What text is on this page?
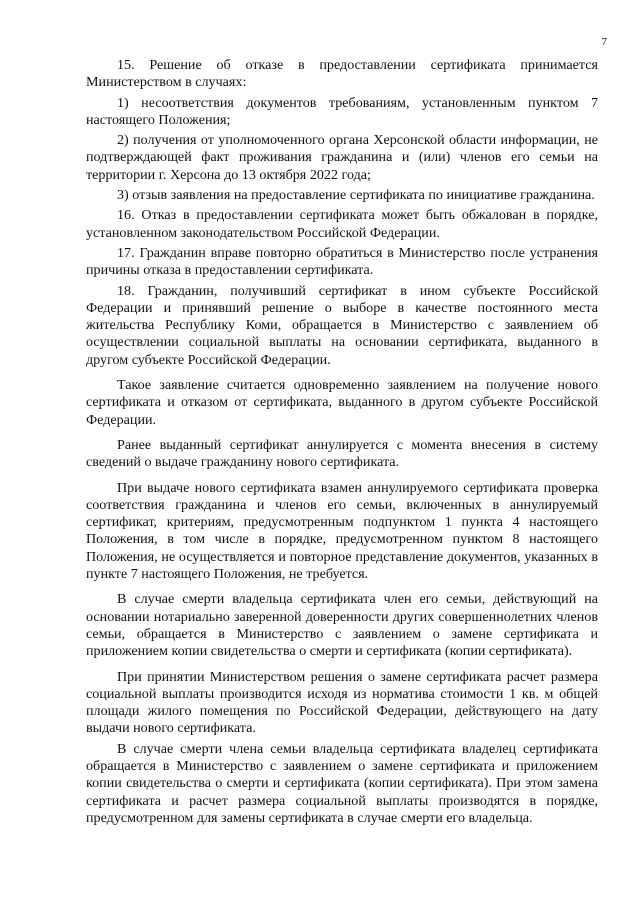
7

15. Решение об отказе в предоставлении сертификата принимается Министерством в случаях:

1) несоответствия документов требованиям, установленным пунктом 7 настоящего Положения;

2) получения от уполномоченного органа Херсонской области информации, не подтверждающей факт проживания гражданина и (или) членов его семьи на территории г. Херсона до 13 октября 2022 года;

3) отзыв заявления на предоставление сертификата по инициативе гражданина.

16. Отказ в предоставлении сертификата может быть обжалован в порядке, установленном законодательством Российской Федерации.

17. Гражданин вправе повторно обратиться в Министерство после устранения причины отказа в предоставлении сертификата.

18. Гражданин, получивший сертификат в ином субъекте Российской Федерации и принявший решение о выборе в качестве постоянного места жительства Республику Коми, обращается в Министерство с заявлением об осуществлении социальной выплаты на основании сертификата, выданного в другом субъекте Российской Федерации.

Такое заявление считается одновременно заявлением на получение нового сертификата и отказом от сертификата, выданного в другом субъекте Российской Федерации.

Ранее выданный сертификат аннулируется с момента внесения в систему сведений о выдаче гражданину нового сертификата.

При выдаче нового сертификата взамен аннулируемого сертификата проверка соответствия гражданина и членов его семьи, включенных в аннулируемый сертификат, критериям, предусмотренным подпунктом 1 пункта 4 настоящего Положения, в том числе в порядке, предусмотренном пунктом 8 настоящего Положения, не осуществляется и повторное представление документов, указанных в пункте 7 настоящего Положения, не требуется.

В случае смерти владельца сертификата член его семьи, действующий на основании нотариально заверенной доверенности других совершеннолетних членов семьи, обращается в Министерство с заявлением о замене сертификата и приложением копии свидетельства о смерти и сертификата (копии сертификата).

При принятии Министерством решения о замене сертификата расчет размера социальной выплаты производится исходя из норматива стоимости 1 кв. м общей площади жилого помещения по Российской Федерации, действующего на дату выдачи нового сертификата.

В случае смерти члена семьи владельца сертификата владелец сертификата обращается в Министерство с заявлением о замене сертификата и приложением копии свидетельства о смерти и сертификата (копии сертификата). При этом замена сертификата и расчет размера социальной выплаты производятся в порядке, предусмотренном для замены сертификата в случае смерти его владельца.
